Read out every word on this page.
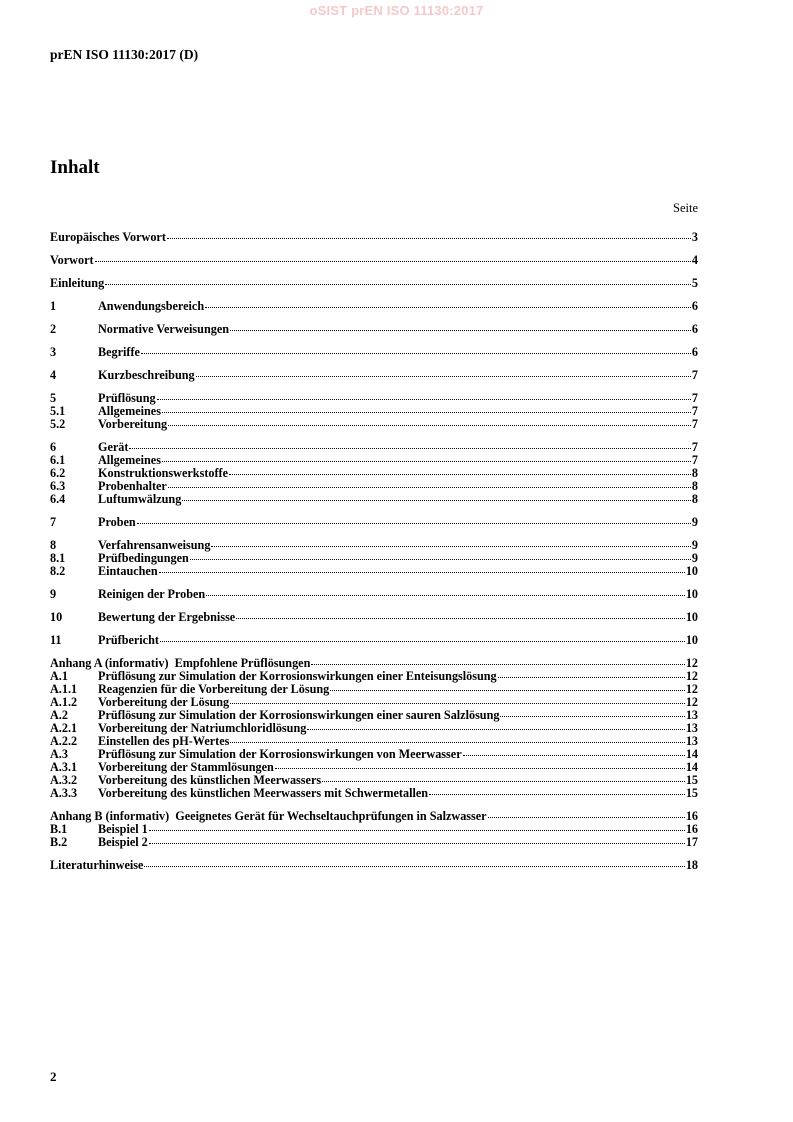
oSIST prEN ISO 11130:2017
prEN ISO 11130:2017 (D)
Inhalt
Seite
Europäisches Vorwort	3
Vorwort	4
Einleitung	5
1	Anwendungsbereich	6
2	Normative Verweisungen	6
3	Begriffe	6
4	Kurzbeschreibung	7
5	Prüflösung	7
5.1	Allgemeines	7
5.2	Vorbereitung	7
6	Gerät	7
6.1	Allgemeines	7
6.2	Konstruktionswerkstoffe	8
6.3	Probenhalter	8
6.4	Luftumwälzung	8
7	Proben	9
8	Verfahrensanweisung	9
8.1	Prüfbedingungen	9
8.2	Eintauchen	10
9	Reinigen der Proben	10
10	Bewertung der Ergebnisse	10
11	Prüfbericht	10
Anhang A (informativ)  Empfohlene Prüflösungen	12
A.1	Prüflösung zur Simulation der Korrosionswirkungen einer Enteisungslösung	12
A.1.1	Reagenzien für die Vorbereitung der Lösung	12
A.1.2	Vorbereitung der Lösung	12
A.2	Prüflösung zur Simulation der Korrosionswirkungen einer sauren Salzlösung	13
A.2.1	Vorbereitung der Natriumchloridlösung	13
A.2.2	Einstellen des pH-Wertes	13
A.3	Prüflösung zur Simulation der Korrosionswirkungen von Meerwasser	14
A.3.1	Vorbereitung der Stammlösungen	14
A.3.2	Vorbereitung des künstlichen Meerwassers	15
A.3.3	Vorbereitung des künstlichen Meerwassers mit Schwermetallen	15
Anhang B (informativ)  Geeignetes Gerät für Wechseltauchprüfungen in Salzwasser	16
B.1	Beispiel 1	16
B.2	Beispiel 2	17
Literaturhinweise	18
2
